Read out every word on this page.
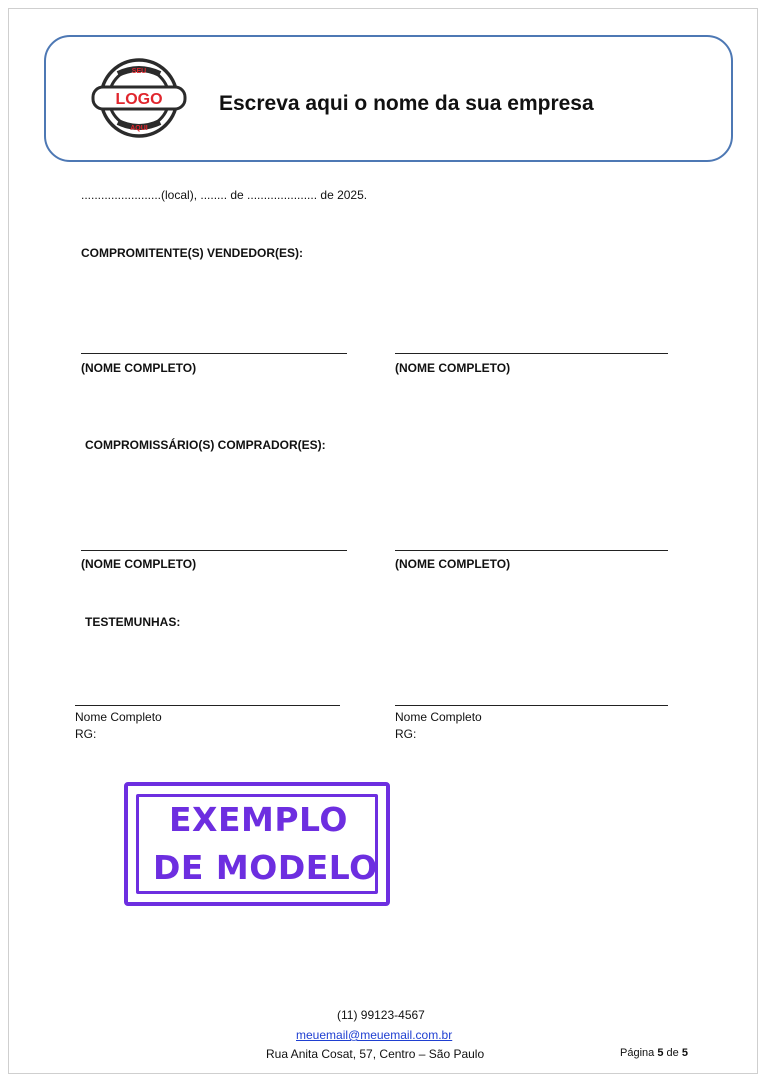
SEU
AQUI
LOGO	Escreva aqui o nome da sua empresa
........................(local), ........ de ..................... de 2025.
COMPROMITENTE(S) VENDEDOR(ES):
(NOME COMPLETO)	(NOME COMPLETO)
COMPROMISSÁRIO(S) COMPRADOR(ES):
(NOME COMPLETO)	(NOME COMPLETO)
TESTEMUNHAS:
Nome Completo
RG:
Nome Completo
RG:
EXEMPLO
DE MODELO
(11) 99123-4567
meuemail@meuemail.com.br
Rua Anita Cosat, 57, Centro – São Paulo	Página 5 de 5
